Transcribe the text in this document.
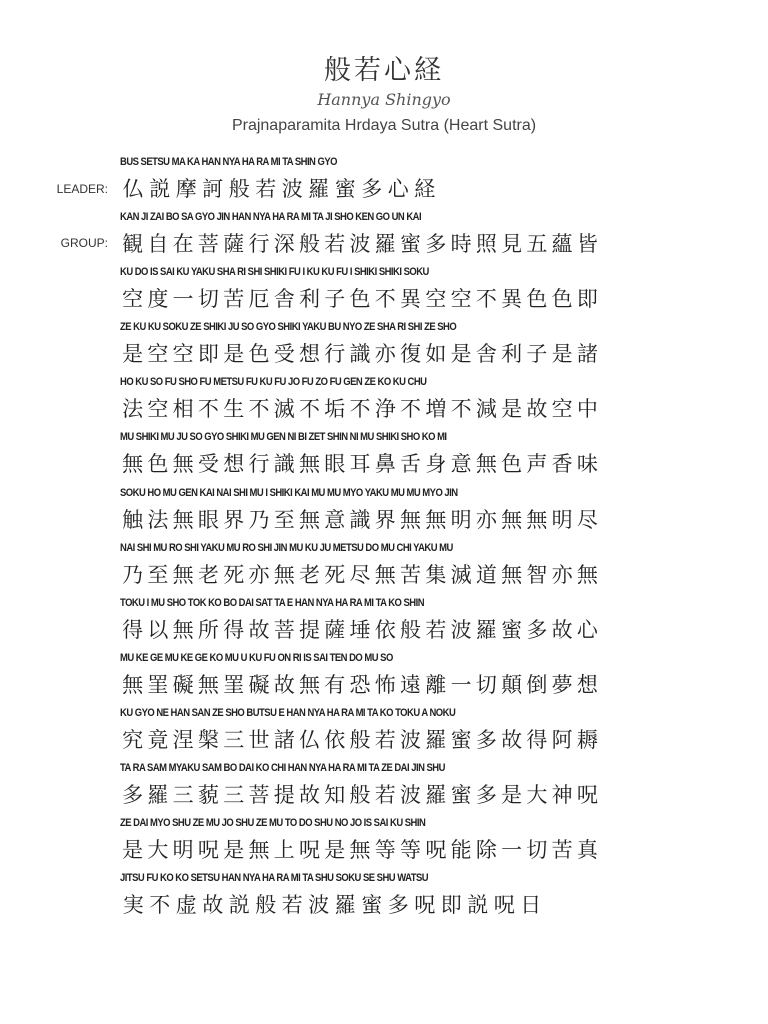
般若心経
Hannya Shingyo
Prajnaparamita Hrdaya Sutra (Heart Sutra)
LEADER:
GROUP:
BUS SETSU MA KA HAN NYA HA RA MI TA SHIN GYO
仏 説 摩 訶 般 若 波 羅 蜜 多 心 経
KAN JI ZAI BO SA GYO JIN HAN NYA HA RA MI TA JI SHO KEN GO UN KAI
観 自 在 菩 薩 行 深 般 若 波 羅 蜜 多 時 照 見 五 蘊 皆
KU DO IS SAI KU YAKU SHA RI SHI SHIKI FU I KU KU FU I SHIKI SHIKI SOKU
空 度 一 切 苦 厄 舎 利 子 色 不 異 空 空 不 異 色 色 即
ZE KU KU SOKU ZE SHIKI JU SO GYO SHIKI YAKU BU NYO ZE SHA RI SHI ZE SHO
是 空 空 即 是 色 受 想 行 識 亦 復 如 是 舎 利 子 是 諸
HO KU SO FU SHO FU METSU FU KU FU JO FU ZO FU GEN ZE KO KU CHU
法 空 相 不 生 不 滅 不 垢 不 浄 不 増 不 減 是 故 空 中
MU SHIKI MU JU SO GYO SHIKI MU GEN NI BI ZET SHIN NI MU SHIKI SHO KO MI
無 色 無 受 想 行 識 無 眼 耳 鼻 舌 身 意 無 色 声 香 味
SOKU HO MU GEN KAI NAI SHI MU I SHIKI KAI MU MU MYO YAKU MU MU MYO JIN
触 法 無 眼 界 乃 至 無 意 識 界 無 無 明 亦 無 無 明 尽
NAI SHI MU RO SHI YAKU MU RO SHI JIN MU KU JU METSU DO MU CHI YAKU MU
乃 至 無 老 死 亦 無 老 死 尽 無 苦 集 滅 道 無 智 亦 無
TOKU I MU SHO TOK KO BO DAI SAT TA E HAN NYA HA RA MI TA KO SHIN
得 以 無 所 得 故 菩 提 薩 埵 依 般 若 波 羅 蜜 多 故 心
MU KE GE MU KE GE KO MU U KU FU ON RI IS SAI TEN DO MU SO
無 罣 礙 無 罣 礙 故 無 有 恐 怖 遠 離 一 切 顛 倒 夢 想
KU GYO NE HAN SAN ZE SHO BUTSU E HAN NYA HA RA MI TA KO TOKU A NOKU
究 竟 涅 槃 三 世 諸 仏 依 般 若 波 羅 蜜 多 故 得 阿 耨
TA RA SAM MYAKU SAM BO DAI KO CHI HAN NYA HA RA MI TA ZE DAI JIN SHU
多 羅 三 藐 三 菩 提 故 知 般 若 波 羅 蜜 多 是 大 神 呪
ZE DAI MYO SHU ZE MU JO SHU ZE MU TO DO SHU NO JO IS SAI KU SHIN
是 大 明 呪 是 無 上 呪 是 無 等 等 呪 能 除 一 切 苦 真
JITSU FU KO KO SETSU HAN NYA HA RA MI TA SHU SOKU SE SHU WATSU
実 不 虚 故 説 般 若 波 羅 蜜 多 呪 即 説 呪 日
